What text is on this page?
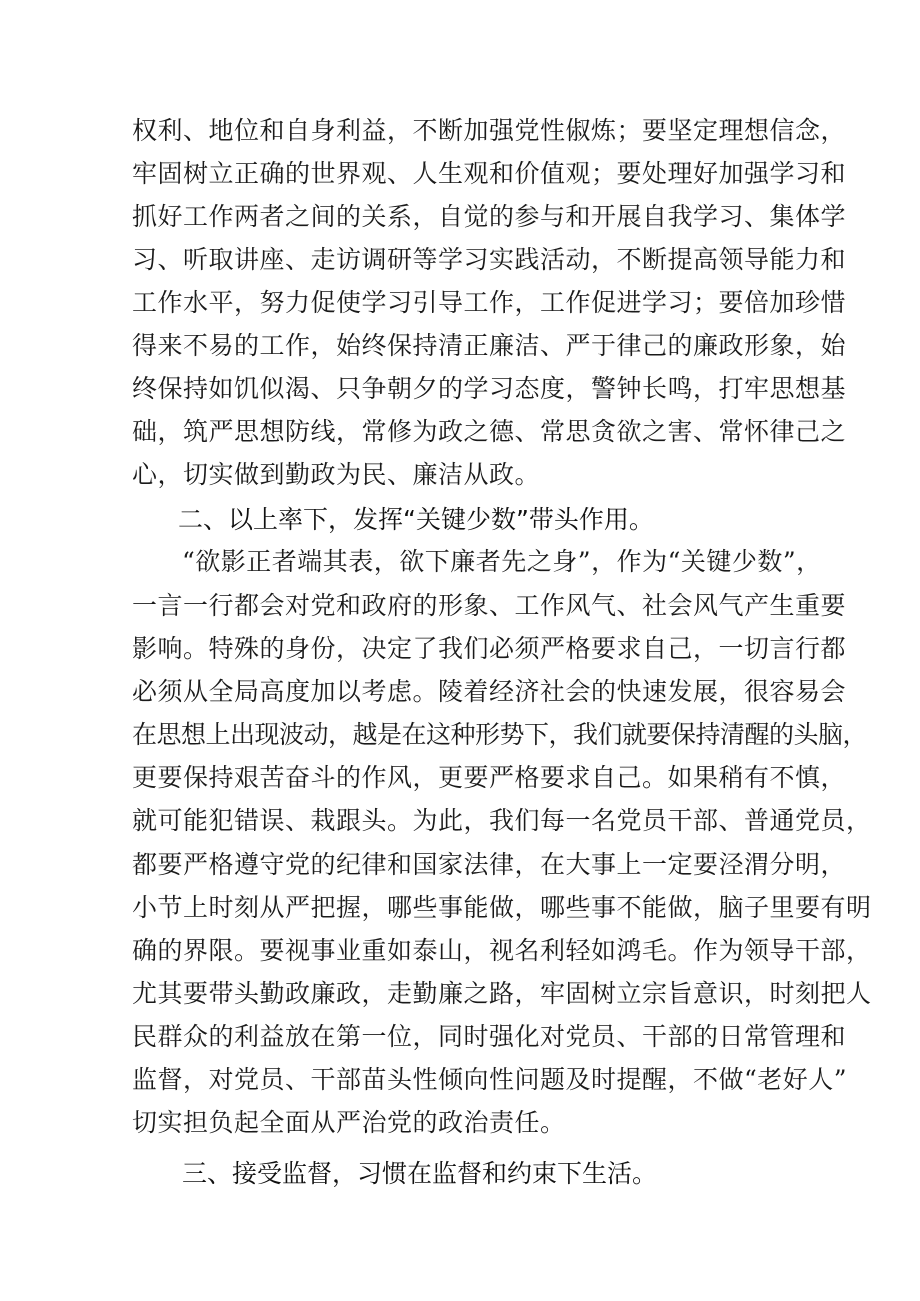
权利、地位和自身利益，不断加强党性俶炼；要坚定理想信念，
牢固树立正确的世界观、人生观和价值观；要处理好加强学习和
抓好工作两者之间的关系，自觉的参与和开展自我学习、集体学
习、听取讲座、走访调研等学习实践活动，不断提高领导能力和
工作水平，努力促使学习引导工作，工作促进学习；要倍加珍惜
得来不易的工作，始终保持清正廉洁、严于律己的廉政形象，始
终保持如饥似渴、只争朝夕的学习态度，警钟长鸣，打牢思想基
础，筑严思想防线，常修为政之德、常思贪欲之害、常怀律己之
心，切实做到勤政为民、廉洁从政。
二、以上率下，发挥“关键少数”带头作用。
“欲影正者端其表，欲下廉者先之身”，作为“关键少数”，
一言一行都会对党和政府的形象、工作风气、社会风气产生重要
影响。特殊的身份，决定了我们必须严格要求自己，一切言行都
必须从全局高度加以考虑。陵着经济社会的快速发展，很容易会
在思想上出现波动，越是在这种形势下，我们就要保持清醒的头脑，
更要保持艰苦奋斗的作风，更要严格要求自己。如果稍有不慎，
就可能犯错误、栽跟头。为此，我们每一名党员干部、普通党员，
都要严格遵守党的纪律和国家法律，在大事上一定要泾渭分明，
小节上时刻从严把握，哪些事能做，哪些事不能做，脑子里要有明
确的界限。要视事业重如泰山，视名利轻如鸿毛。作为领导干部，
尤其要带头勤政廉政，走勤廉之路，牢固树立宗旨意识，时刻把人
民群众的利益放在第一位，同时强化对党员、干部的日常管理和
监督，对党员、干部苗头性倾向性问题及时提醒，不做“老好人”
切实担负起全面从严治党的政治责任。
三、接受监督，习惯在监督和约束下生活。
